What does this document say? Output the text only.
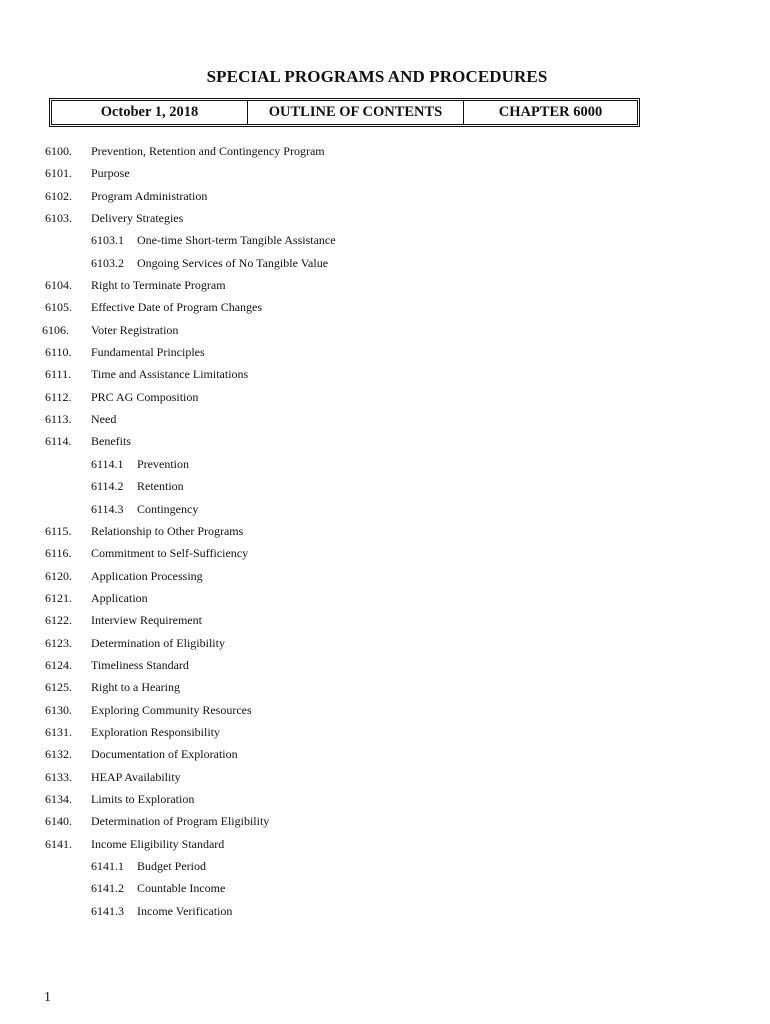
SPECIAL PROGRAMS AND PROCEDURES
October 1, 2018	OUTLINE OF CONTENTS	CHAPTER 6000
6100. Prevention, Retention and Contingency Program
6101. Purpose
6102. Program Administration
6103. Delivery Strategies
6103.1 One-time Short-term Tangible Assistance
6103.2 Ongoing Services of No Tangible Value
6104. Right to Terminate Program
6105. Effective Date of Program Changes
6106. Voter Registration
6110. Fundamental Principles
6111. Time and Assistance Limitations
6112. PRC AG Composition
6113. Need
6114. Benefits
6114.1 Prevention
6114.2 Retention
6114.3 Contingency
6115. Relationship to Other Programs
6116. Commitment to Self-Sufficiency
6120. Application Processing
6121. Application
6122. Interview Requirement
6123. Determination of Eligibility
6124. Timeliness Standard
6125. Right to a Hearing
6130. Exploring Community Resources
6131. Exploration Responsibility
6132. Documentation of Exploration
6133. HEAP Availability
6134. Limits to Exploration
6140. Determination of Program Eligibility
6141. Income Eligibility Standard
6141.1 Budget Period
6141.2 Countable Income
6141.3 Income Verification
1
